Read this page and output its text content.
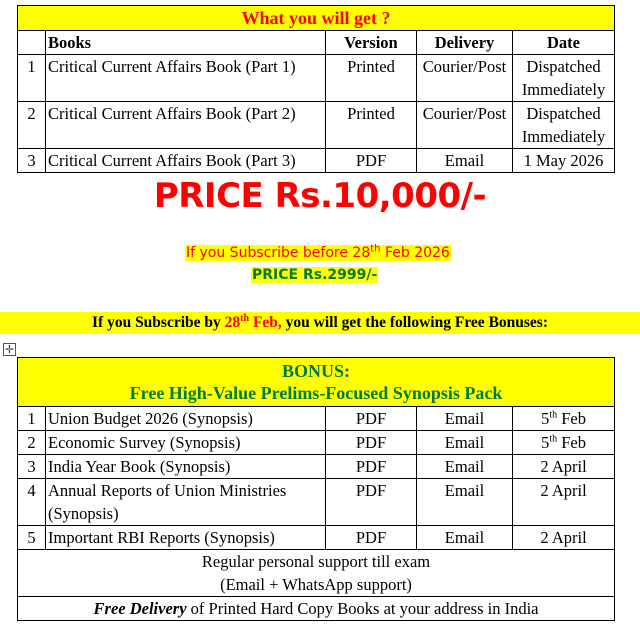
What you will get ?				
	Books	Version	Delivery	Date
1	Critical Current Affairs Book (Part 1)	Printed	Courier/Post	Dispatched Immediately
2	Critical Current Affairs Book (Part 2)	Printed	Courier/Post	Dispatched Immediately
3	Critical Current Affairs Book (Part 3)	PDF	Email	1 May 2026
PRICE Rs.10,000/-
If you Subscribe before 28th Feb 2026
PRICE Rs.2999/-
If you Subscribe by 28th Feb, you will get the following Free Bonuses:
✛
BONUS:
Free High-Value Prelims-Focused Synopsis Pack				

1	Union Budget 2026 (Synopsis)	PDF	Email	5th Feb
2	Economic Survey (Synopsis)	PDF	Email	5th Feb
3	India Year Book (Synopsis)	PDF	Email	2 April
4	Annual Reports of Union Ministries (Synopsis)	PDF	Email	2 April
5	Important RBI Reports (Synopsis)	PDF	Email	2 April

Regular personal support till exam
(Email + WhatsApp support)				

Free Delivery of Printed Hard Copy Books at your address in India				
